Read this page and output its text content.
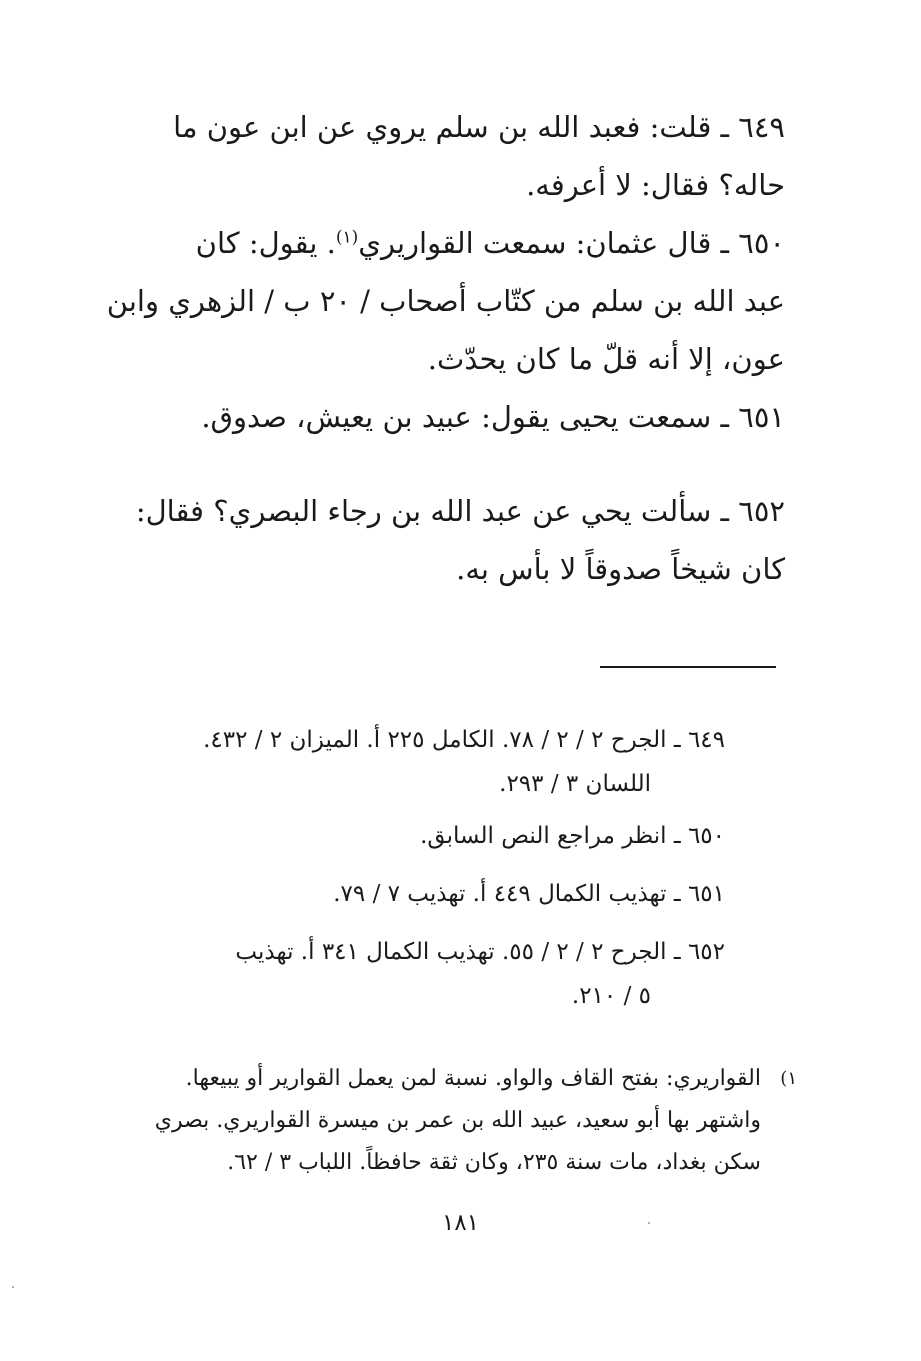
٦٤٩ ـ قلت: فعبد الله بن سلم يروي عن ابن عون ما
حاله؟ فقال: لا أعرفه.
٦٥٠ ـ قال عثمان: سمعت القواريري$^{(١)}$. يقول: كان
عبد الله بن سلم من كتّاب أصحاب / ٢٠ ب / الزهري وابن
عون، إلا أنه قلّ ما كان يحدّث.
٦٥١ ـ سمعت يحيى يقول: عبيد بن يعيش، صدوق.
٦٥٢ ـ سألت يحي عن عبد الله بن رجاء البصري؟ فقال:
كان شيخاً صدوقاً لا بأس به.
٦٤٩ ـ الجرح ٢ / ٢ / ٧٨. الكامل ٢٢٥ أ. الميزان ٢ / ٤٣٢.
اللسان ٣ / ٢٩٣.
٦٥٠ ـ انظر مراجع النص السابق.
٦٥١ ـ تهذيب الكمال ٤٤٩ أ. تهذيب ٧ / ٧٩.
٦٥٢ ـ الجرح ٢ / ٢ / ٥٥. تهذيب الكمال ٣٤١ أ. تهذيب
٥ / ٢١٠.
١)
القواريري: بفتح القاف والواو. نسبة لمن يعمل القوارير أو يبيعها.
واشتهر بها أبو سعيد، عبيد الله بن عمر بن ميسرة القواريري. بصري
سكن بغداد، مات سنة ٢٣٥، وكان ثقة حافظاً. اللباب ٣ / ٦٢.
١٨١
